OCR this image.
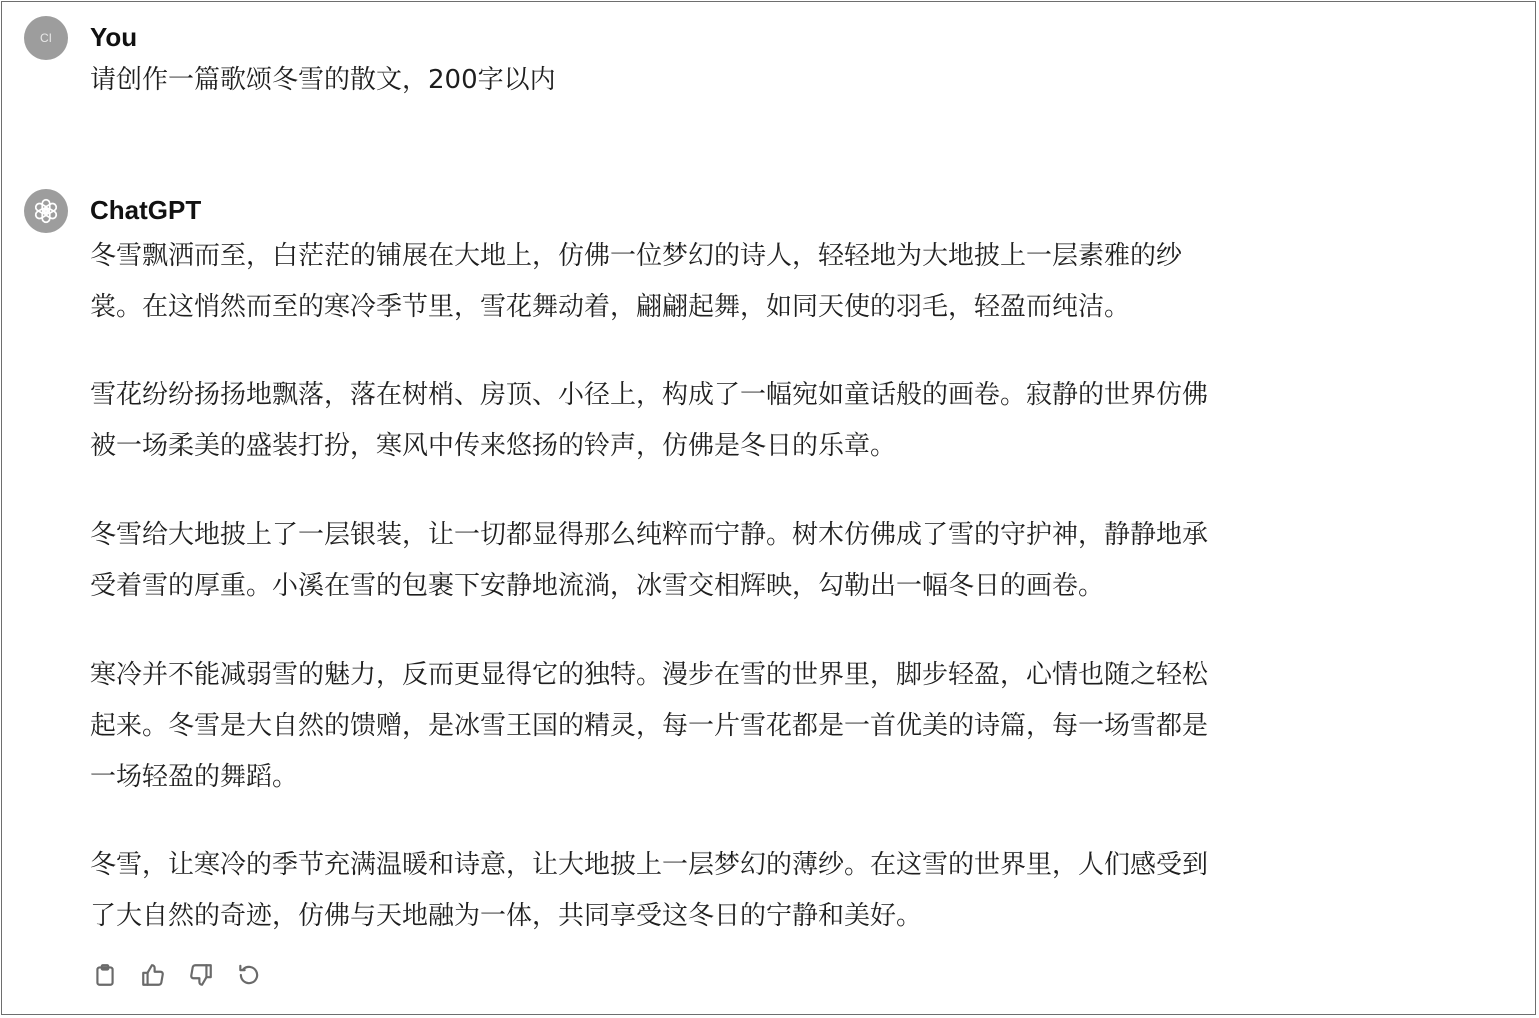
CI You
请创作一篇歌颂冬雪的散文，200字以内
ChatGPT
冬雪飘洒而至，白茫茫的铺展在大地上，仿佛一位梦幻的诗人，轻轻地为大地披上一层素雅的纱
裳。在这悄然而至的寒冷季节里，雪花舞动着，翩翩起舞，如同天使的羽毛，轻盈而纯洁。
雪花纷纷扬扬地飘落，落在树梢、房顶、小径上，构成了一幅宛如童话般的画卷。寂静的世界仿佛
被一场柔美的盛装打扮，寒风中传来悠扬的铃声，仿佛是冬日的乐章。
冬雪给大地披上了一层银装，让一切都显得那么纯粹而宁静。树木仿佛成了雪的守护神，静静地承
受着雪的厚重。小溪在雪的包裹下安静地流淌，冰雪交相辉映，勾勒出一幅冬日的画卷。
寒冷并不能减弱雪的魅力，反而更显得它的独特。漫步在雪的世界里，脚步轻盈，心情也随之轻松
起来。冬雪是大自然的馈赠，是冰雪王国的精灵，每一片雪花都是一首优美的诗篇，每一场雪都是
一场轻盈的舞蹈。
冬雪，让寒冷的季节充满温暖和诗意，让大地披上一层梦幻的薄纱。在这雪的世界里，人们感受到
了大自然的奇迹，仿佛与天地融为一体，共同享受这冬日的宁静和美好。
